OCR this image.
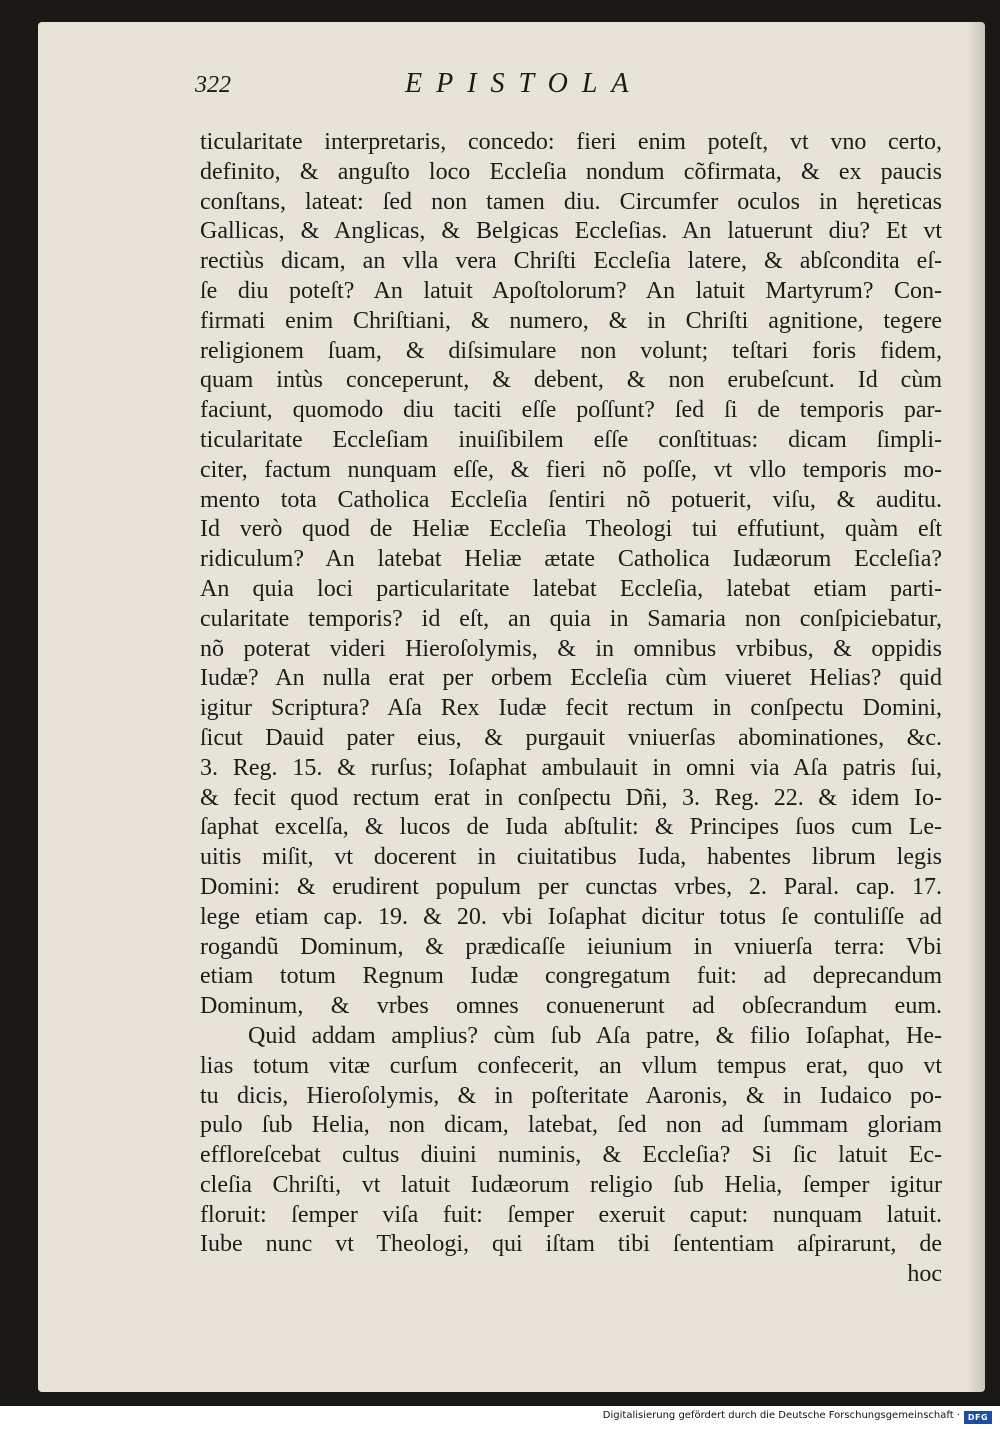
322	EPISTOLA
ticularitate interpretaris, concedo: fieri enim poteſt, vt vno certo,
definito, & anguſto loco Eccleſia nondum cõfirmata, & ex paucis
conſtans, lateat: ſed non tamen diu. Circumfer oculos in hęreticas
Gallicas, & Anglicas, & Belgicas Eccleſias. An latuerunt diu? Et vt
rectiùs dicam, an vlla vera Chriſti Eccleſia latere, & abſcondita eſ-
ſe diu poteſt? An latuit Apoſtolorum? An latuit Martyrum? Con-
firmati enim Chriſtiani, & numero, & in Chriſti agnitione, tegere
religionem ſuam, & diſsimulare non volunt; teſtari foris fidem,
quam intùs conceperunt, & debent, & non erubeſcunt. Id cùm
faciunt, quomodo diu taciti eſſe poſſunt? ſed ſi de temporis par-
ticularitate Eccleſiam inuiſibilem eſſe conſtituas: dicam ſimpli-
citer, factum nunquam eſſe, & fieri nõ poſſe, vt vllo temporis mo-
mento tota Catholica Eccleſia ſentiri nõ potuerit, viſu, & auditu.
Id verò quod de Heliæ Eccleſia Theologi tui effutiunt, quàm eſt
ridiculum? An latebat Heliæ ætate Catholica Iudæorum Eccleſia?
An quia loci particularitate latebat Eccleſia, latebat etiam parti-
cularitate temporis? id eſt, an quia in Samaria non conſpiciebatur,
nõ poterat videri Hieroſolymis, & in omnibus vrbibus, & oppidis
Iudæ? An nulla erat per orbem Eccleſia cùm viueret Helias? quid
igitur Scriptura? Aſa Rex Iudæ fecit rectum in conſpectu Domini,
ſicut Dauid pater eius, & purgauit vniuerſas abominationes, &c.
3. Reg. 15. & rurſus; Ioſaphat ambulauit in omni via Aſa patris ſui,
& fecit quod rectum erat in conſpectu Dñi, 3. Reg. 22. & idem Io-
ſaphat excelſa, & lucos de Iuda abſtulit: & Principes ſuos cum Le-
uitis miſit, vt docerent in ciuitatibus Iuda, habentes librum legis
Domini: & erudirent populum per cunctas vrbes, 2. Paral. cap. 17.
lege etiam cap. 19. & 20. vbi Ioſaphat dicitur totus ſe contuliſſe ad
rogandũ Dominum, & prædicaſſe ieiunium in vniuerſa terra: Vbi
etiam totum Regnum Iudæ congregatum fuit: ad deprecandum
Dominum, & vrbes omnes conuenerunt ad obſecrandum eum.
Quid addam amplius? cùm ſub Aſa patre, & filio Ioſaphat, He-
lias totum vitæ curſum confecerit, an vllum tempus erat, quo vt
tu dicis, Hieroſolymis, & in poſteritate Aaronis, & in Iudaico po-
pulo ſub Helia, non dicam, latebat, ſed non ad ſummam gloriam
effloreſcebat cultus diuini numinis, & Eccleſia? Si ſic latuit Ec-
cleſia Chriſti, vt latuit Iudæorum religio ſub Helia, ſemper igitur
floruit: ſemper viſa fuit: ſemper exeruit caput: nunquam latuit.
Iube nunc vt Theologi, qui iſtam tibi ſententiam aſpirarunt, de
hoc
Digitalisierung gefördert durch die Deutsche Forschungsgemeinschaft · DFG
